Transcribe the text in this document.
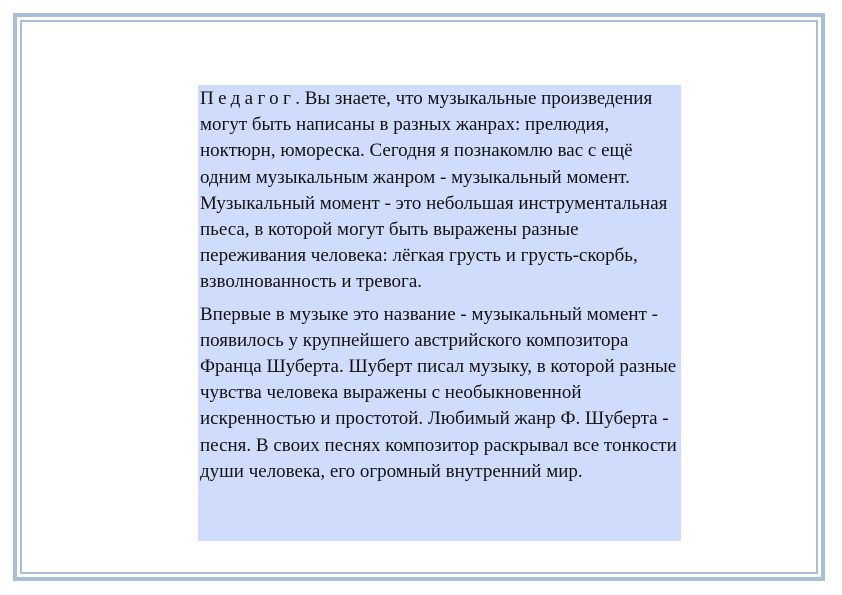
Педагог. Вы знаете, что музыкальные произведения могут быть написаны в разных жанрах: прелюдия, ноктюрн, юмореска. Сегодня я познакомлю вас с ещё одним музыкальным жанром - музыкальный момент. Музыкальный момент - это небольшая инструментальная пьеса, в которой могут быть выражены разные переживания человека: лёгкая грусть и грусть-скорбь, взволнованность и тревога.

Впервые в музыке это название - музыкальный момент - появилось у крупнейшего австрийского композитора Франца Шуберта. Шуберт писал музыку, в которой разные чувства человека выражены с необыкновенной искренностью и простотой. Любимый жанр Ф. Шуберта - песня. В своих песнях композитор раскрывал все тонкости души человека, его огромный внутренний мир.
